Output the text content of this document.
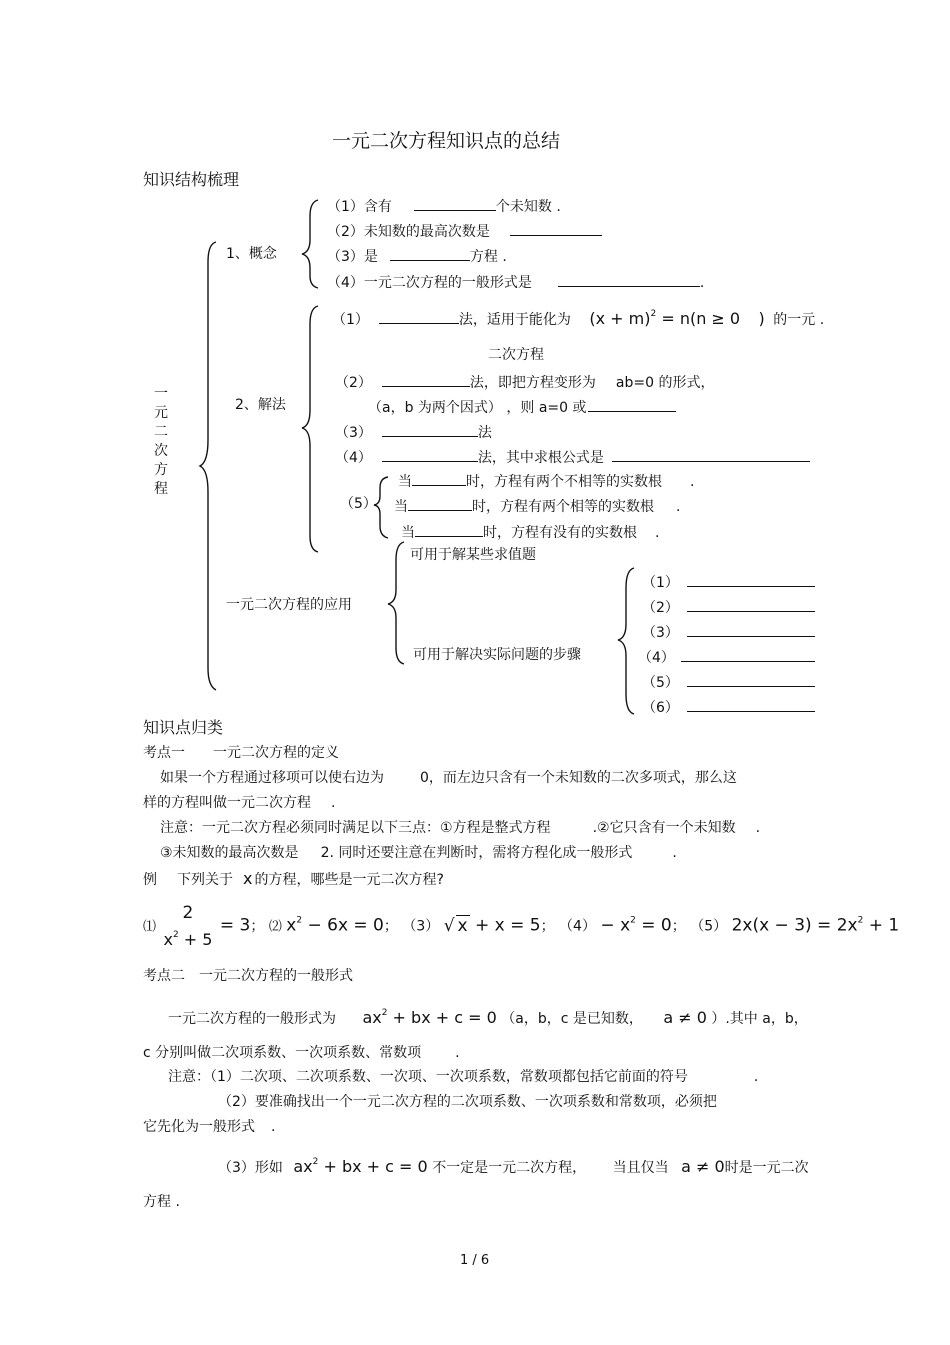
一元二次方程知识点的总结
知识结构梳理
一
元
二
次
方
程
1、概念
（1）含有	个未知数 .
（2）未知数的最高次数是
（3）是	方程 .
（4）一元二次方程的一般形式是	.
2、解法
（1）	法，适用于能化为 $(x + m)^2 = n(n \ge 0$ ) 的一元 .
二次方程
（2）	法，即把方程变形为 ab=0 的形式，
（a，b 为两个因式） ，则 a=0 或
（3）	法
（4）	法，其中求根公式是
（5）
当	时，方程有两个不相等的实数根 .
当	时，方程有两个相等的实数根 .
当	时，方程有没有的实数根 .
一元二次方程的应用
可用于解某些求值题
可用于解决实际问题的步骤
（1）
（2）
（3）
（4）
（5）
（6）
知识点归类
考点一　　一元二次方程的定义
如果一个方程通过移项可以使右边为	0，而左边只含有一个未知数的二次多项式，那么这
样的方程叫做一元二次方程 .
注意：一元二次方程必须同时满足以下三点：①方程是整式方程	.②它只含有一个未知数 .
③未知数的最高次数是 2. 同时还要注意在判断时，需将方程化成一般形式	.
例 下列关于 x 的方程，哪些是一元二次方程?
⑴
2
$x^2 + 5$
= 3； ⑵ $x^2 - 6x = 0$； （3） √ x + x = 5； $(4) - x^2 = 0$； （5） $2x(x - 3) = 2x^2 + 1$
考点二　一元二次方程的一般形式
一元二次方程的一般形式为 $ax^2$ + bx + c = 0 （a，b，c 是已知数， a ≠ 0 ）.其中 a，b，
c 分别叫做二次项系数、一次项系数、常数项 .
注意：（1）二次项、二次项系数、一次项、一次项系数，常数项都包括它前面的符号	.
（2）要准确找出一个一元二次方程的二次项系数、一次项系数和常数项，必须把
它先化为一般形式 .
（3）形如 $ax^2$ + bx + c = 0 不一定是一元二次方程， 当且仅当 a ≠ 0时是一元二次
方程 .
1 / 6
